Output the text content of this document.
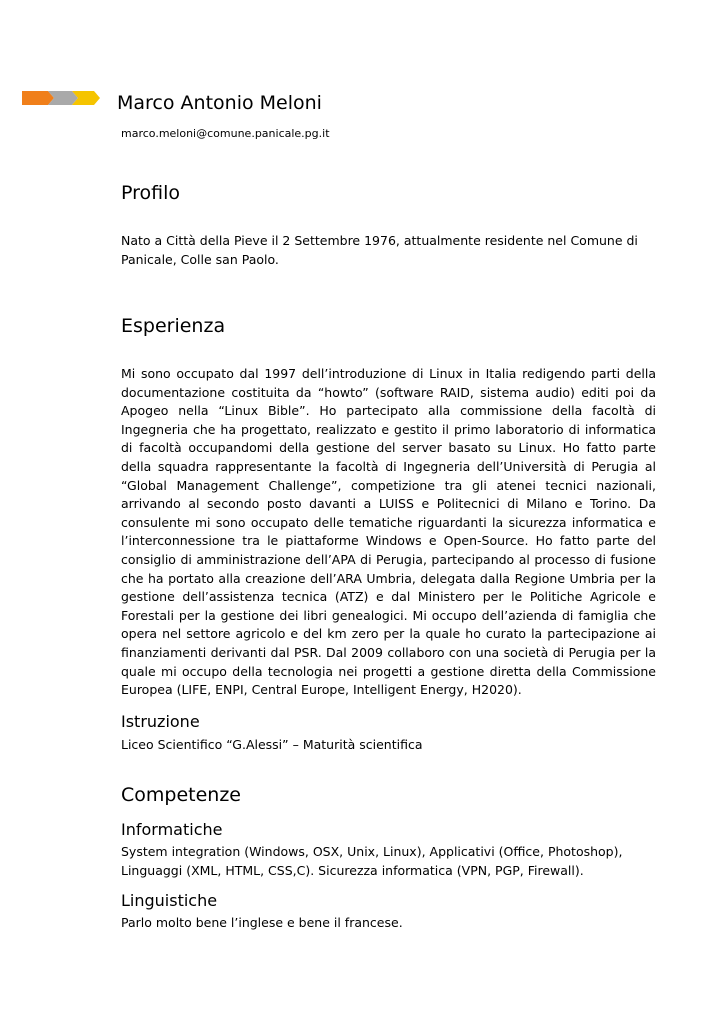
Marco Antonio Meloni
marco.meloni@comune.panicale.pg.it
Profilo

Nato a Città della Pieve il 2 Settembre 1976, attualmente residente nel Comune di Panicale, Colle san Paolo.

Esperienza

Mi sono occupato dal 1997 dell’introduzione di Linux in Italia redigendo parti della documentazione costituita da “howto” (software RAID, sistema audio) editi poi da Apogeo nella “Linux Bible”. Ho partecipato alla commissione della facoltà di Ingegneria che ha progettato, realizzato e gestito il primo laboratorio di informatica di facoltà occupandomi della gestione del server basato su Linux. Ho fatto parte della squadra rappresentante la facoltà di Ingegneria dell’Università di Perugia al “Global Management Challenge”, competizione tra gli atenei tecnici nazionali, arrivando al secondo posto davanti a LUISS e Politecnici di Milano e Torino. Da consulente mi sono occupato delle tematiche riguardanti la sicurezza informatica e l’interconnessione tra le piattaforme Windows e Open-Source. Ho fatto parte del consiglio di amministrazione dell’APA di Perugia, partecipando al processo di fusione che ha portato alla creazione dell’ARA Umbria, delegata dalla Regione Umbria per la gestione dell’assistenza tecnica (ATZ) e dal Ministero per le Politiche Agricole e Forestali per la gestione dei libri genealogici. Mi occupo dell’azienda di famiglia che opera nel settore agricolo e del km zero per la quale ho curato la partecipazione ai finanziamenti derivanti dal PSR. Dal 2009 collaboro con una società di Perugia per la quale mi occupo della tecnologia nei progetti a gestione diretta della Commissione Europea (LIFE, ENPI, Central Europe, Intelligent Energy, H2020).

Istruzione

Liceo Scientifico “G.Alessi” – Maturità scientifica

Competenze
Informatiche

System integration (Windows, OSX, Unix, Linux), Applicativi (Office, Photoshop),

Linguaggi (XML, HTML, CSS,C). Sicurezza informatica (VPN, PGP, Firewall).

Linguistiche

Parlo molto bene l’inglese e bene il francese.
